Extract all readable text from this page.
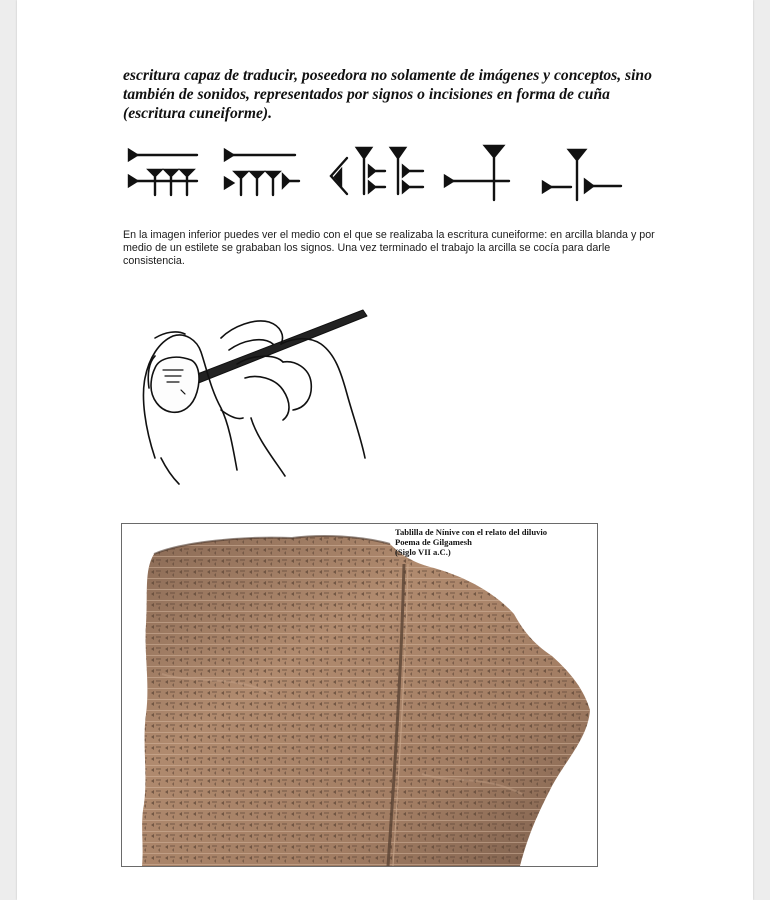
escritura capaz de traducir, poseedora no solamente de imágenes y conceptos, sino también de sonidos, representados por signos o incisiones en forma de cuña (escritura cuneiforme).

En la imagen inferior puedes ver el medio con el que se realizaba la escritura cuneiforme: en arcilla blanda y por medio de un estilete se grababan los signos. Una vez terminado el trabajo la arcilla se cocía para darle consistencia.

Tablilla de Nínive con el relato del diluvio
Poema de Gilgamesh
(Siglo VII a.C.)
